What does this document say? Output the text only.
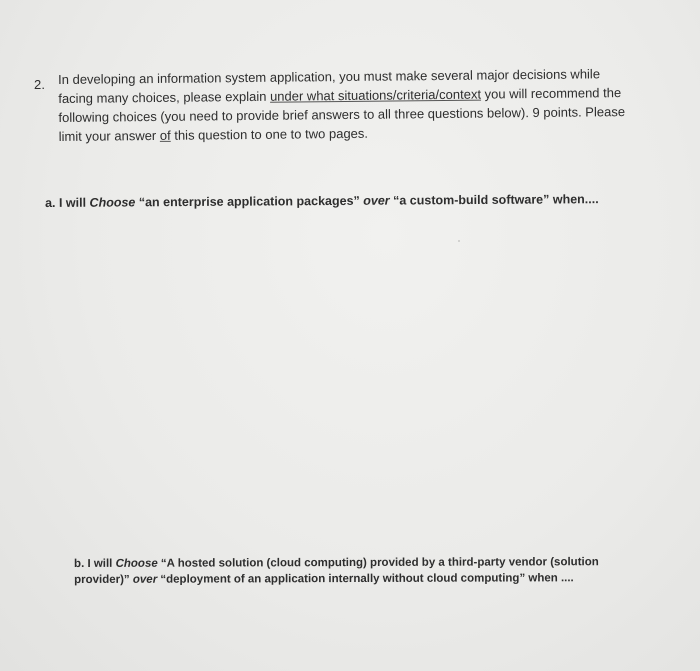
2. In developing an information system application, you must make several major decisions while
facing many choices, please explain under what situations/criteria/context you will recommend the
following choices (you need to provide brief answers to all three questions below). 9 points. Please
limit your answer of this question to one to two pages.
a. I will Choose “an enterprise application packages” over “a custom-build software” when....
b. I will Choose “A hosted solution (cloud computing) provided by a third-party vendor (solution
provider)” over “deployment of an application internally without cloud computing” when ....
